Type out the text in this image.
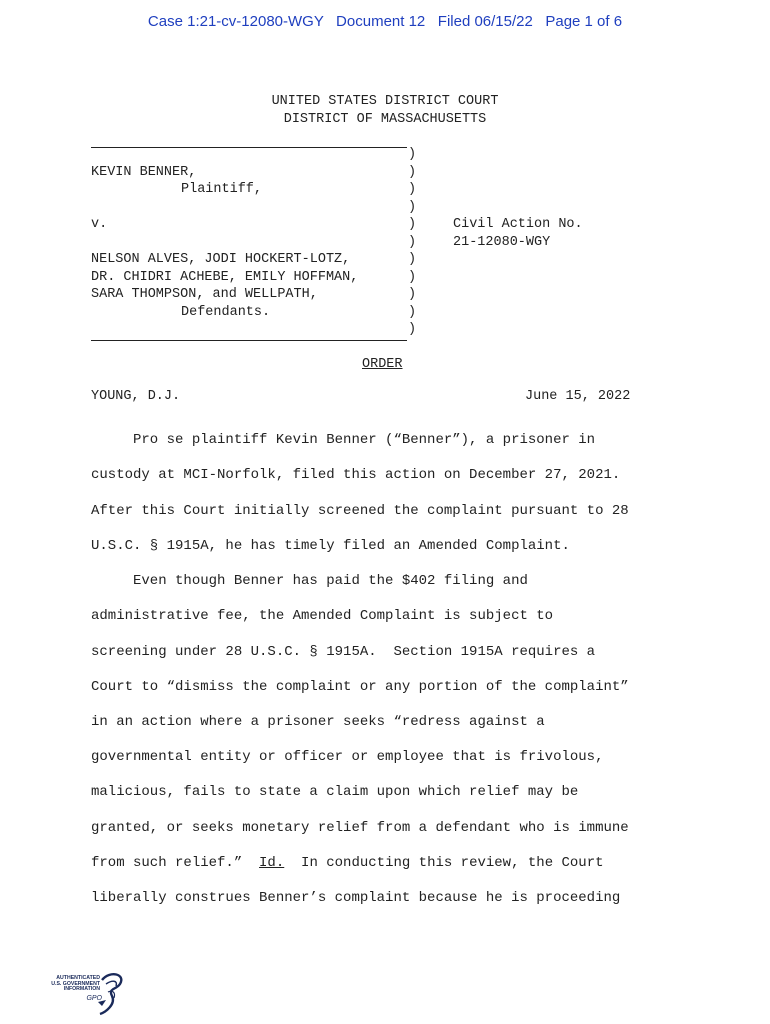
Case 1:21-cv-12080-WGY   Document 12   Filed 06/15/22   Page 1 of 6
UNITED STATES DISTRICT COURT
DISTRICT OF MASSACHUSETTS
)
)
)
)
)
)
)
)
)
)
)
KEVIN BENNER,
Plaintiff,
v.
NELSON ALVES, JODI HOCKERT-LOTZ,
DR. CHIDRI ACHEBE, EMILY HOFFMAN,
SARA THOMPSON, and WELLPATH,
Defendants.
Civil Action No.
21-12080-WGY
ORDER
YOUNG, D.J.	June 15, 2022
Pro se plaintiff Kevin Benner (“Benner”), a prisoner in
custody at MCI-Norfolk, filed this action on December 27, 2021.
After this Court initially screened the complaint pursuant to 28
U.S.C. § 1915A, he has timely filed an Amended Complaint.
Even though Benner has paid the $402 filing and
administrative fee, the Amended Complaint is subject to
screening under 28 U.S.C. § 1915A.  Section 1915A requires a
Court to “dismiss the complaint or any portion of the complaint”
in an action where a prisoner seeks “redress against a
governmental entity or officer or employee that is frivolous,
malicious, fails to state a claim upon which relief may be
granted, or seeks monetary relief from a defendant who is immune
from such relief.”  Id.  In conducting this review, the Court
liberally construes Benner’s complaint because he is proceeding
AUTHENTICATED
U.S. GOVERNMENT
INFORMATION
GPO
